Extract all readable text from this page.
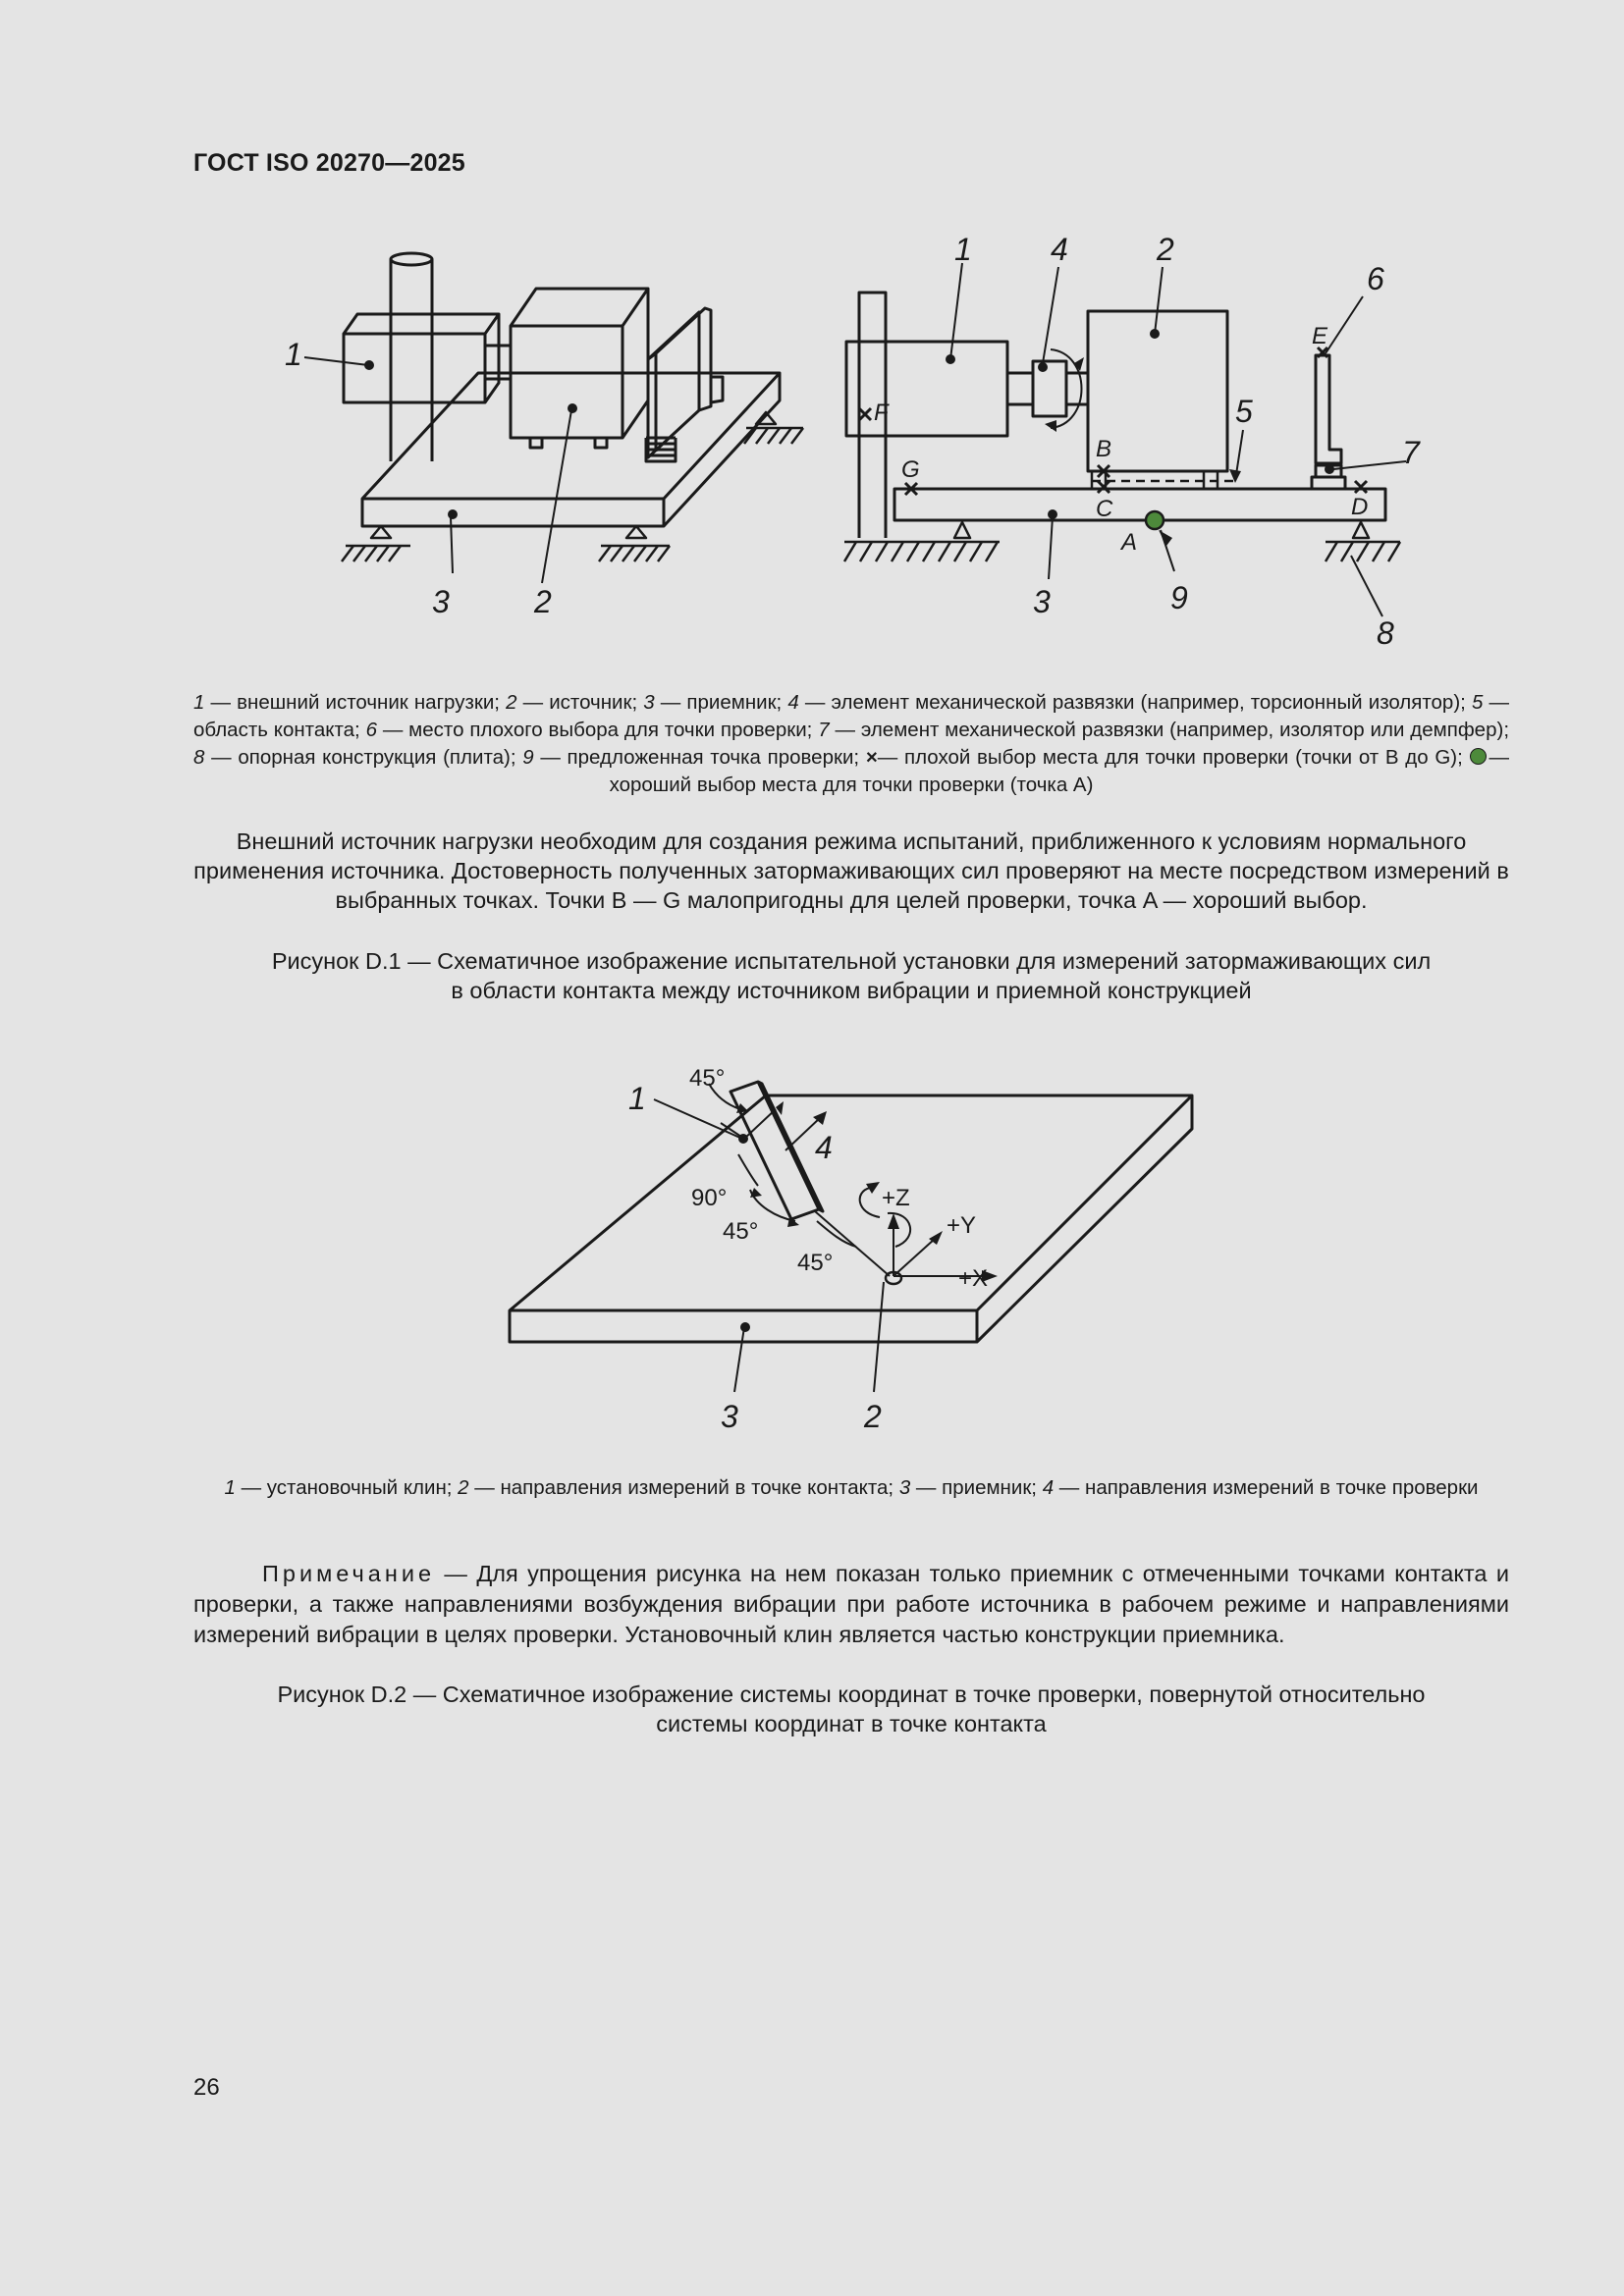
ГОСТ ISO 20270—2025
1
3	2
1	4	2
6
5
7
3	9
8
F
G
B
C
A
D
E
1 — внешний источник нагрузки; 2 — источник; 3 — приемник; 4 — элемент механической развязки (например, торсионный изолятор); 5 — область контакта; 6 — место плохого выбора для точки проверки; 7 — элемент механической развязки (например, изолятор или демпфер); 8 — опорная конструкция (плита); 9 — предложенная точка проверки; ×— плохой выбор места для точки проверки (точки от В до G); — хороший выбор места для точки проверки (точка А)
Внешний источник нагрузки необходим для создания режима испытаний, приближенного к условиям нормального применения источника. Достоверность полученных затормаживающих сил проверяют на месте посредством измерений в выбранных точках. Точки B — G малопригодны для целей проверки, точка A — хороший выбор.
Рисунок D.1 — Схематичное изображение испытательной установки для измерений затормаживающих сил
в области контакта между источником вибрации и приемной конструкцией
1
4
3	2
45°
90°
45°
45°
+Z
+Y
+X
1 — установочный клин; 2 — направления измерений в точке контакта; 3 — приемник; 4 — направления измерений в точке проверки
Примечание — Для упрощения рисунка на нем показан только приемник с отмеченными точками контакта и проверки, а также направлениями возбуждения вибрации при работе источника в рабочем режиме и направлениями измерений вибрации в целях проверки. Установочный клин является частью конструкции приемника.
Рисунок D.2 — Схематичное изображение системы координат в точке проверки, повернутой относительно
системы координат в точке контакта
26
